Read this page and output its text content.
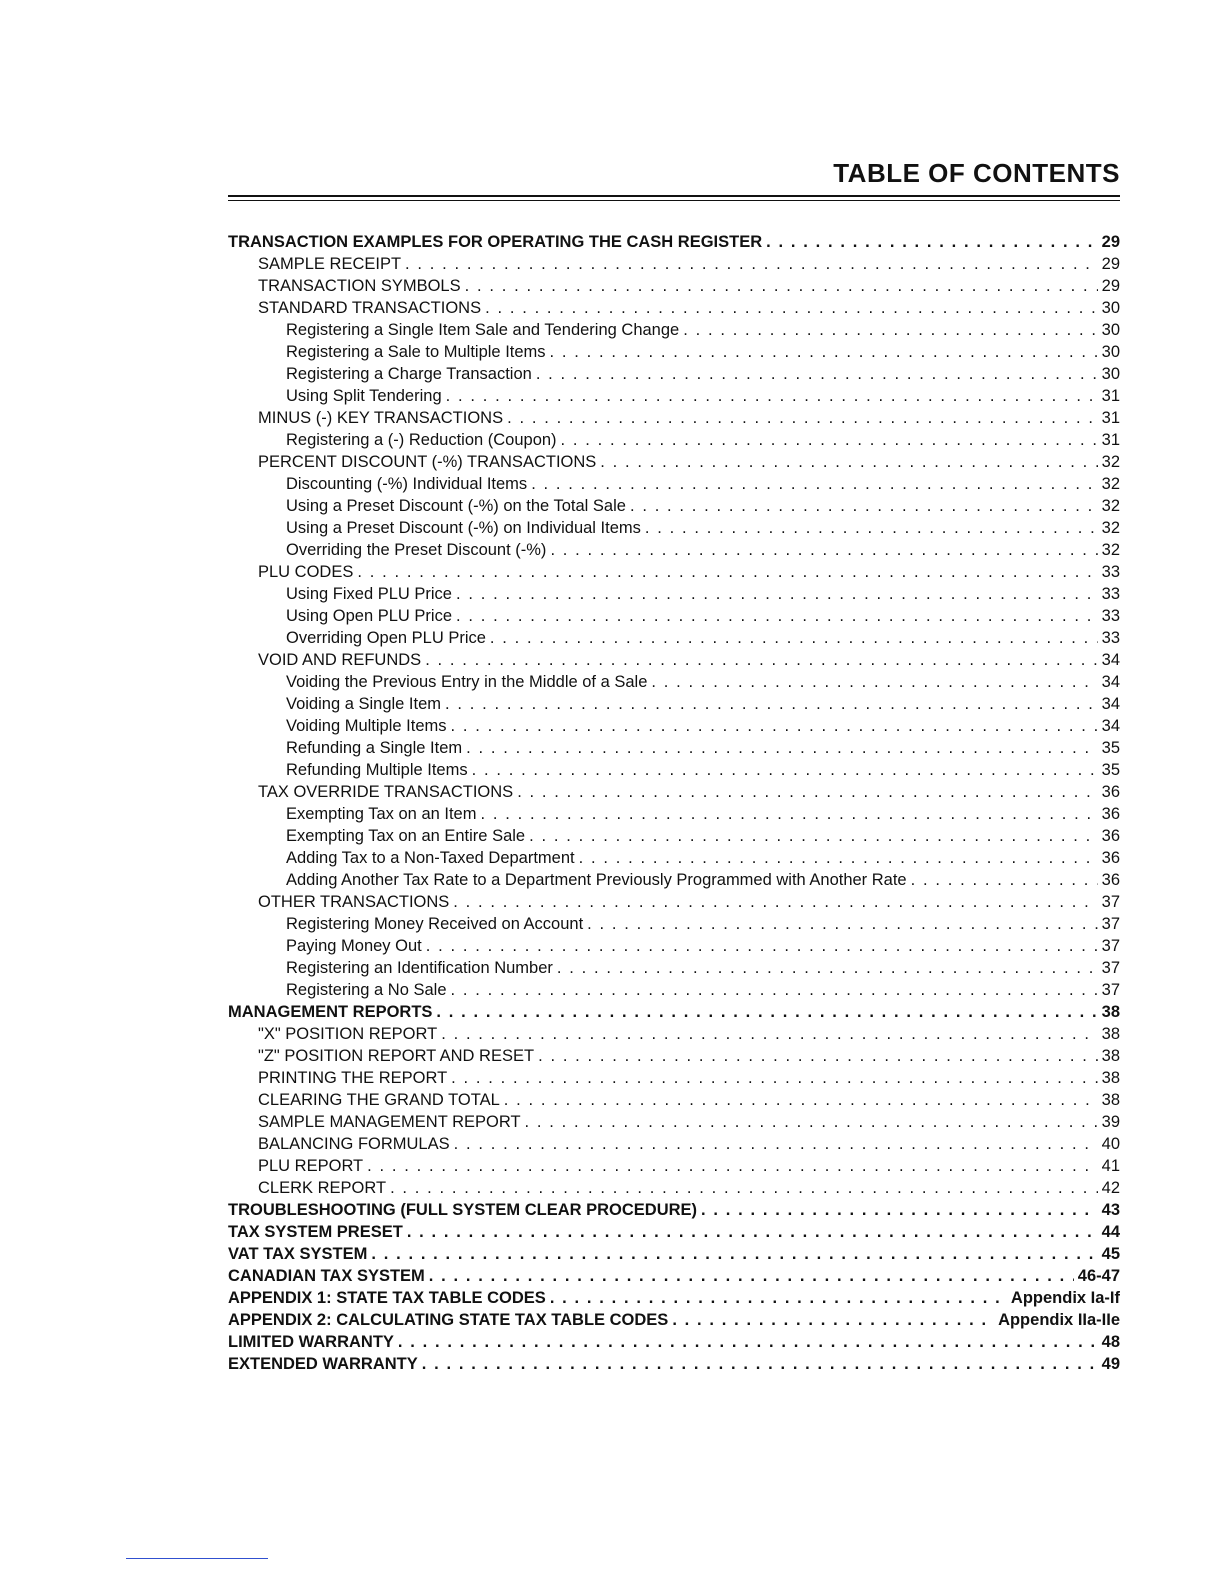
TABLE OF CONTENTS
TRANSACTION EXAMPLES FOR OPERATING THE CASH REGISTER . . .	29
SAMPLE RECEIPT . . .	29
TRANSACTION SYMBOLS . . .	29
STANDARD TRANSACTIONS . . .	30
Registering a Single Item Sale and Tendering Change . . .	30
Registering a Sale to Multiple Items . . .	30
Registering a Charge Transaction . . .	30
Using Split Tendering . . .	31
MINUS (-) KEY TRANSACTIONS . . .	31
Registering a (-) Reduction (Coupon) . . .	31
PERCENT DISCOUNT (-%) TRANSACTIONS . . .	32
Discounting (-%) Individual Items . . .	32
Using a Preset Discount (-%) on the Total Sale . . .	32
Using a Preset Discount (-%) on Individual Items . . .	32
Overriding the Preset Discount (-%) . . .	32
PLU CODES . . .	33
Using Fixed PLU Price . . .	33
Using Open PLU Price . . .	33
Overriding Open PLU Price . . .	33
VOID AND REFUNDS . . .	34
Voiding the Previous Entry in the Middle of a Sale . . .	34
Voiding a Single Item . . .	34
Voiding Multiple Items . . .	34
Refunding a Single Item . . .	35
Refunding Multiple Items . . .	35
TAX OVERRIDE TRANSACTIONS . . .	36
Exempting Tax on an Item . . .	36
Exempting Tax on an Entire Sale . . .	36
Adding Tax to a Non-Taxed Department . . .	36
Adding Another Tax Rate to a Department Previously Programmed with Another Rate . . .	36
OTHER TRANSACTIONS . . .	37
Registering Money Received on Account . . .	37
Paying Money Out . . .	37
Registering an Identification Number . . .	37
Registering a No Sale . . .	37
MANAGEMENT REPORTS . . .	38
"X" POSITION REPORT . . .	38
"Z" POSITION REPORT AND RESET . . .	38
PRINTING THE REPORT . . .	38
CLEARING THE GRAND TOTAL . . .	38
SAMPLE MANAGEMENT REPORT . . .	39
BALANCING FORMULAS . . .	40
PLU REPORT . . .	41
CLERK REPORT . . .	42
TROUBLESHOOTING (FULL SYSTEM CLEAR PROCEDURE) . . .	43
TAX SYSTEM PRESET . . .	44
VAT TAX SYSTEM . . .	45
CANADIAN TAX SYSTEM . . .	46-47
APPENDIX 1: STATE TAX TABLE CODES . . .	Appendix Ia-If
APPENDIX 2: CALCULATING STATE TAX TABLE CODES . . .	Appendix IIa-IIe
LIMITED WARRANTY . . .	48
EXTENDED WARRANTY . . .	49
